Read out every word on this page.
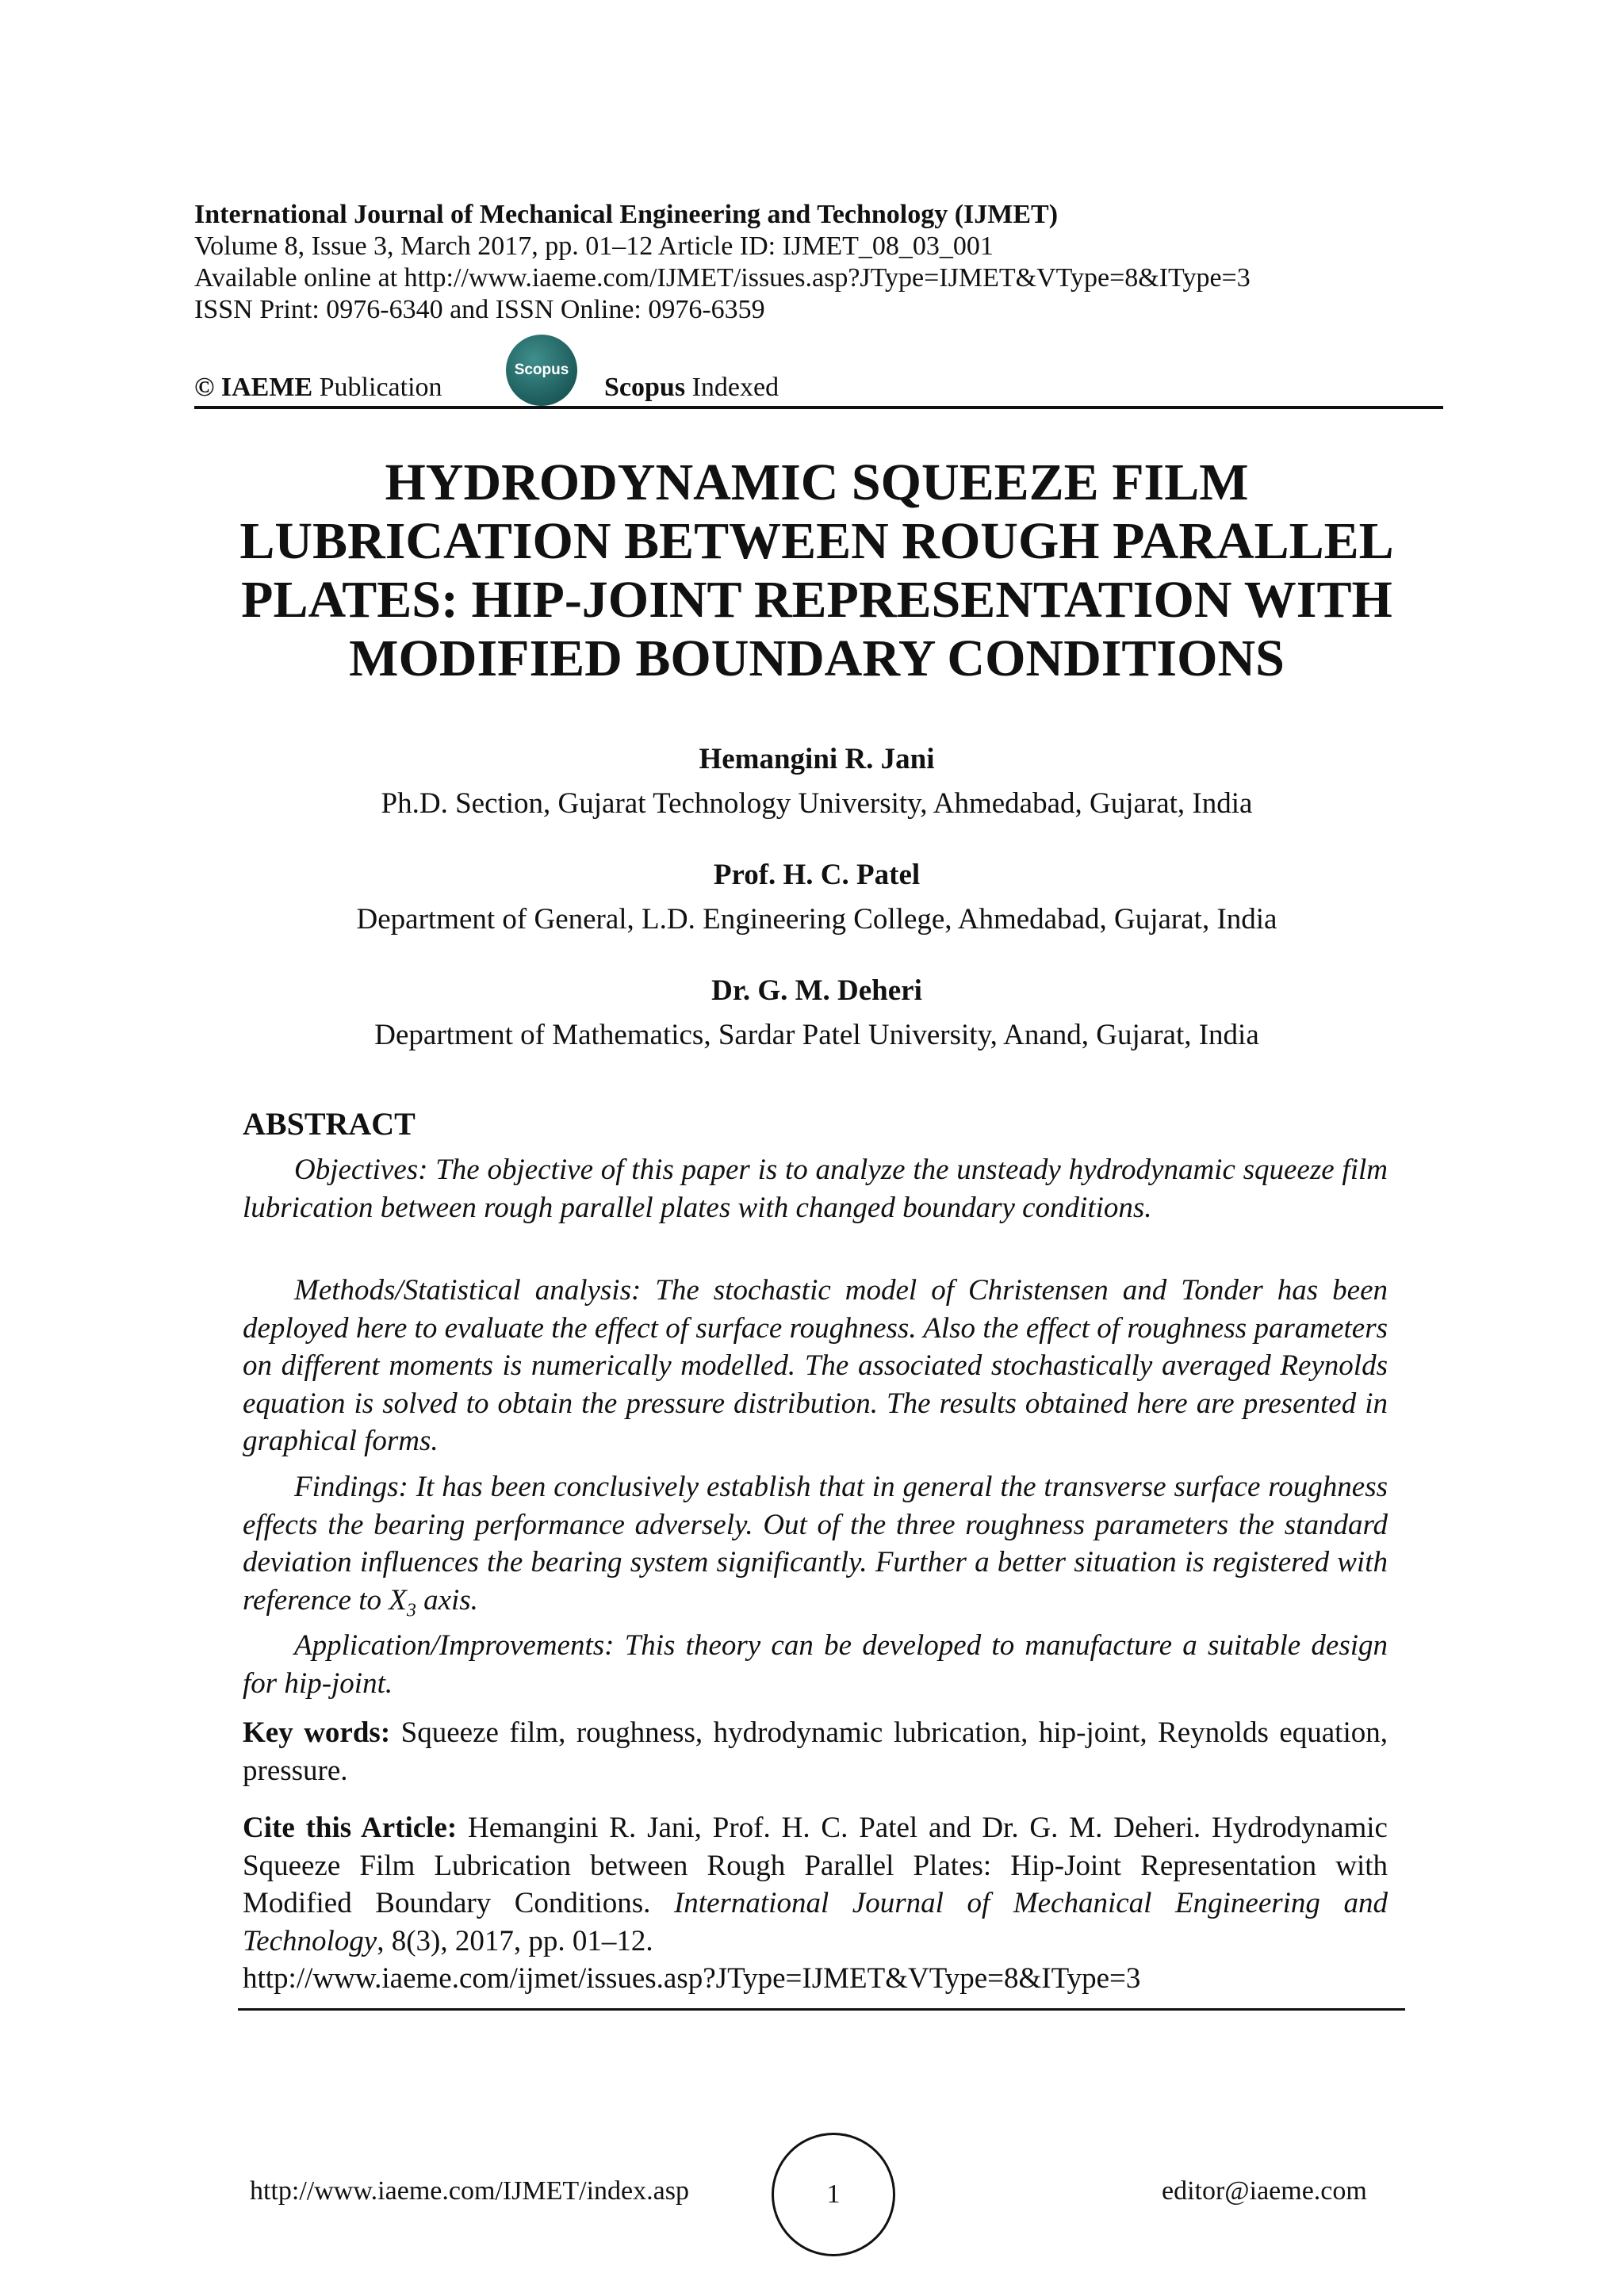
International Journal of Mechanical Engineering and Technology (IJMET)
Volume 8, Issue 3, March 2017, pp. 01–12 Article ID: IJMET_08_03_001
Available online at http://www.iaeme.com/IJMET/issues.asp?JType=IJMET&VType=8&IType=3
ISSN Print: 0976-6340 and ISSN Online: 0976-6359
© IAEME Publication
Scopus
Scopus Indexed
HYDRODYNAMIC SQUEEZE FILM
LUBRICATION BETWEEN ROUGH PARALLEL
PLATES: HIP-JOINT REPRESENTATION WITH
MODIFIED BOUNDARY CONDITIONS
Hemangini R. Jani
Ph.D. Section, Gujarat Technology University, Ahmedabad, Gujarat, India
Prof. H. C. Patel
Department of General, L.D. Engineering College, Ahmedabad, Gujarat, India
Dr. G. M. Deheri
Department of Mathematics, Sardar Patel University, Anand, Gujarat, India
ABSTRACT

Objectives: The objective of this paper is to analyze the unsteady hydrodynamic squeeze film lubrication between rough parallel plates with changed boundary conditions.

Methods/Statistical analysis: The stochastic model of Christensen and Tonder has been deployed here to evaluate the effect of surface roughness. Also the effect of roughness parameters on different moments is numerically modelled. The associated stochastically averaged Reynolds equation is solved to obtain the pressure distribution. The results obtained here are presented in graphical forms.

Findings: It has been conclusively establish that in general the transverse surface roughness effects the bearing performance adversely. Out of the three roughness parameters the standard deviation influences the bearing system significantly. Further a better situation is registered with reference to $X_3$ axis.

Application/Improvements: This theory can be developed to manufacture a suitable design for hip-joint.

Key words: Squeeze film, roughness, hydrodynamic lubrication, hip-joint, Reynolds equation, pressure.

Cite this Article: Hemangini R. Jani, Prof. H. C. Patel and Dr. G. M. Deheri. Hydrodynamic Squeeze Film Lubrication between Rough Parallel Plates: Hip-Joint Representation with Modified Boundary Conditions. International Journal of Mechanical Engineering and Technology, 8(3), 2017, pp. 01–12.
http://www.iaeme.com/ijmet/issues.asp?JType=IJMET&VType=8&IType=3

http://www.iaeme.com/IJMET/index.asp	1	editor@iaeme.com
